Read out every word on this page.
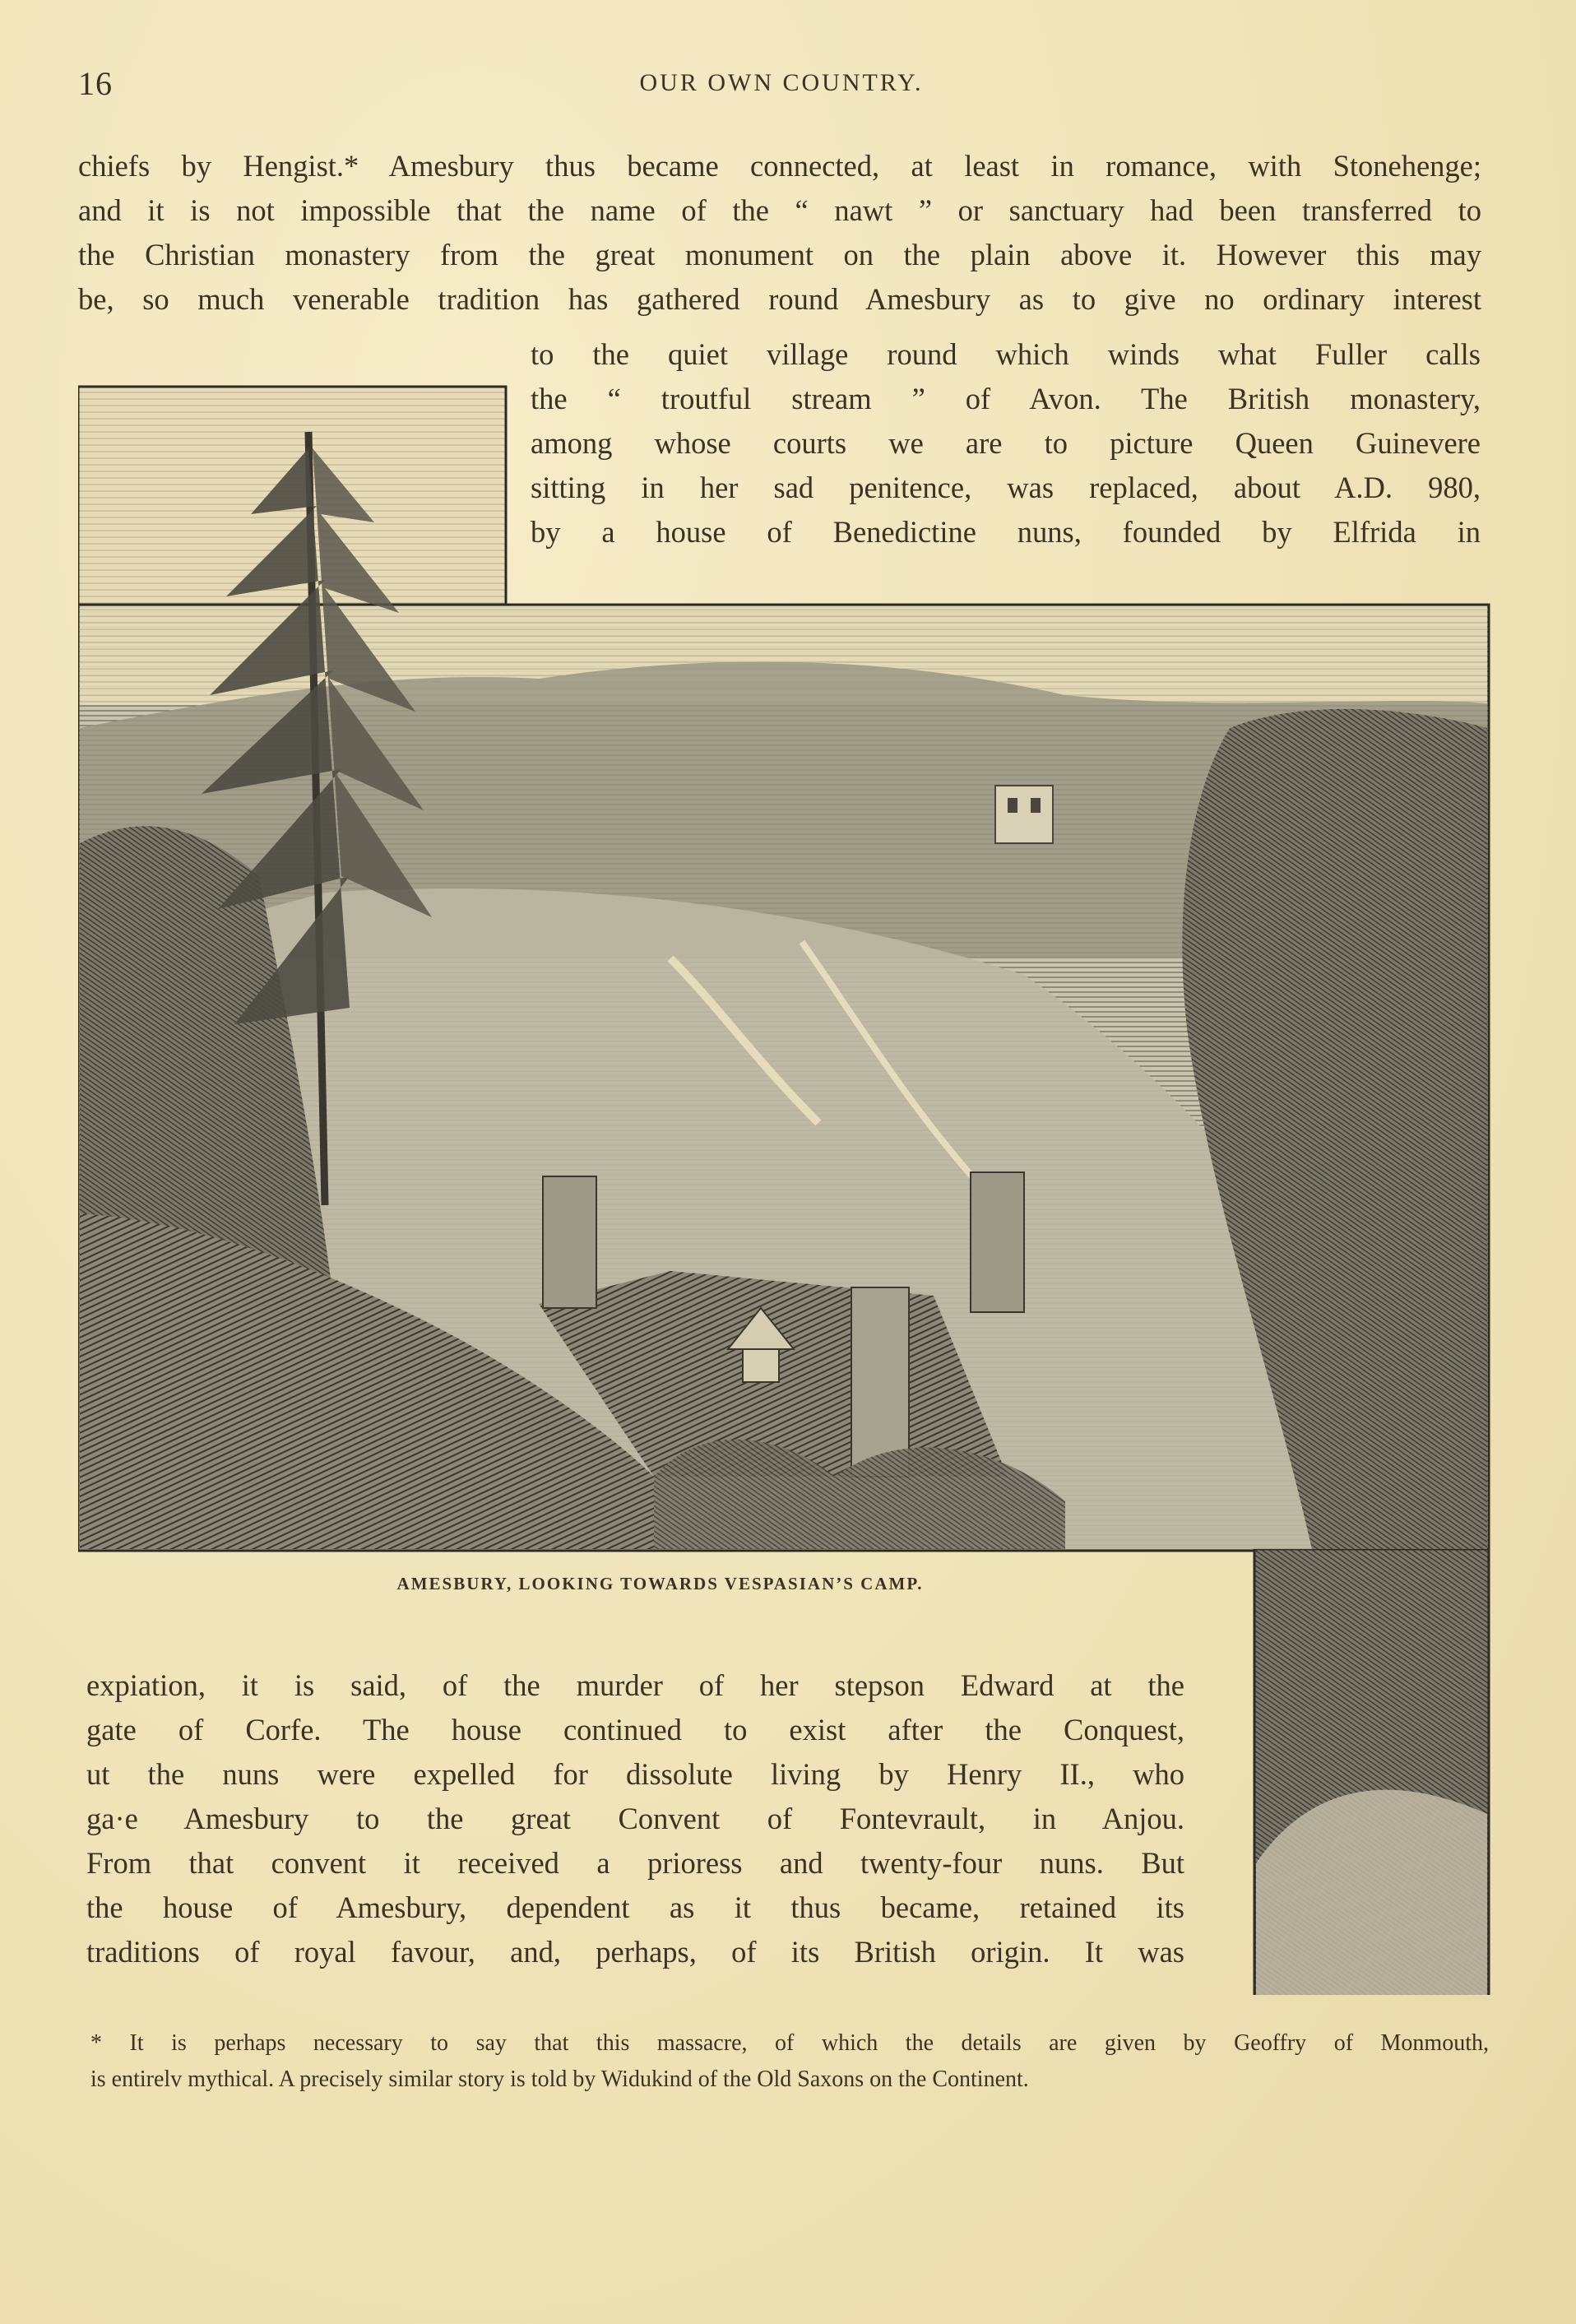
16	OUR OWN COUNTRY.
chiefs by Hengist.* Amesbury thus became connected, at least in romance, with Stonehenge;
and it is not impossible that the name of the “ nawt ” or sanctuary had been transferred to
the Christian monastery from the great monument on the plain above it. However this may
be, so much venerable tradition has gathered round Amesbury as to give no ordinary interest
to the quiet village round which winds what Fuller calls
the “ troutful stream ” of Avon. The British monastery,
among whose courts we are to picture Queen Guinevere
sitting in her sad penitence, was replaced, about A.D. 980,
by a house of Benedictine nuns, founded by Elfrida in
AMESBURY, LOOKING TOWARDS VESPASIAN’S CAMP.
expiation, it is said, of the murder of her stepson Edward at the
gate of Corfe. The house continued to exist after the Conquest,
ut the nuns were expelled for dissolute living by Henry II., who
ga·e Amesbury to the great Convent of Fontevrault, in Anjou.
From that convent it received a prioress and twenty-four nuns. But
the house of Amesbury, dependent as it thus became, retained its
traditions of royal favour, and, perhaps, of its British origin. It was
* It is perhaps necessary to say that this massacre, of which the details are given by Geoffry of Monmouth,
is entirelv mythical. A precisely similar story is told by Widukind of the Old Saxons on the Continent.
